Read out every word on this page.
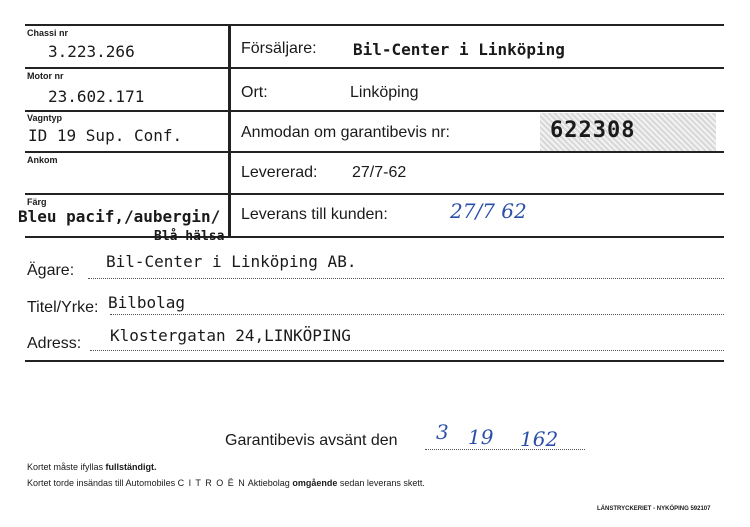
Chassi nr
3.223.266
Motor nr
23.602.171
Vagntyp
ID 19 Sup. Conf.
Ankom
Färg
Bleu pacif,/aubergin/
Blå hälsa
Försäljare: Bil-Center i Linköping
Ort:	Linköping
Anmodan om garantibevis nr:	622308
Levererad: 27/7-62
Leverans till kunden:	27/7 62
Ägare: Bil-Center i Linköping AB.
Titel/Yrke: Bilbolag
Adress: Klostergatan 24,LINKÖPING
Garantibevis avsänt den 3 19 162
Kortet måste ifyllas fullständigt.
Kortet torde insändas till Automobiles C I T R O Ë N Aktiebolag omgående sedan leverans skett.
LÄNSTRYCKERIET - NYKÖPING 592107
